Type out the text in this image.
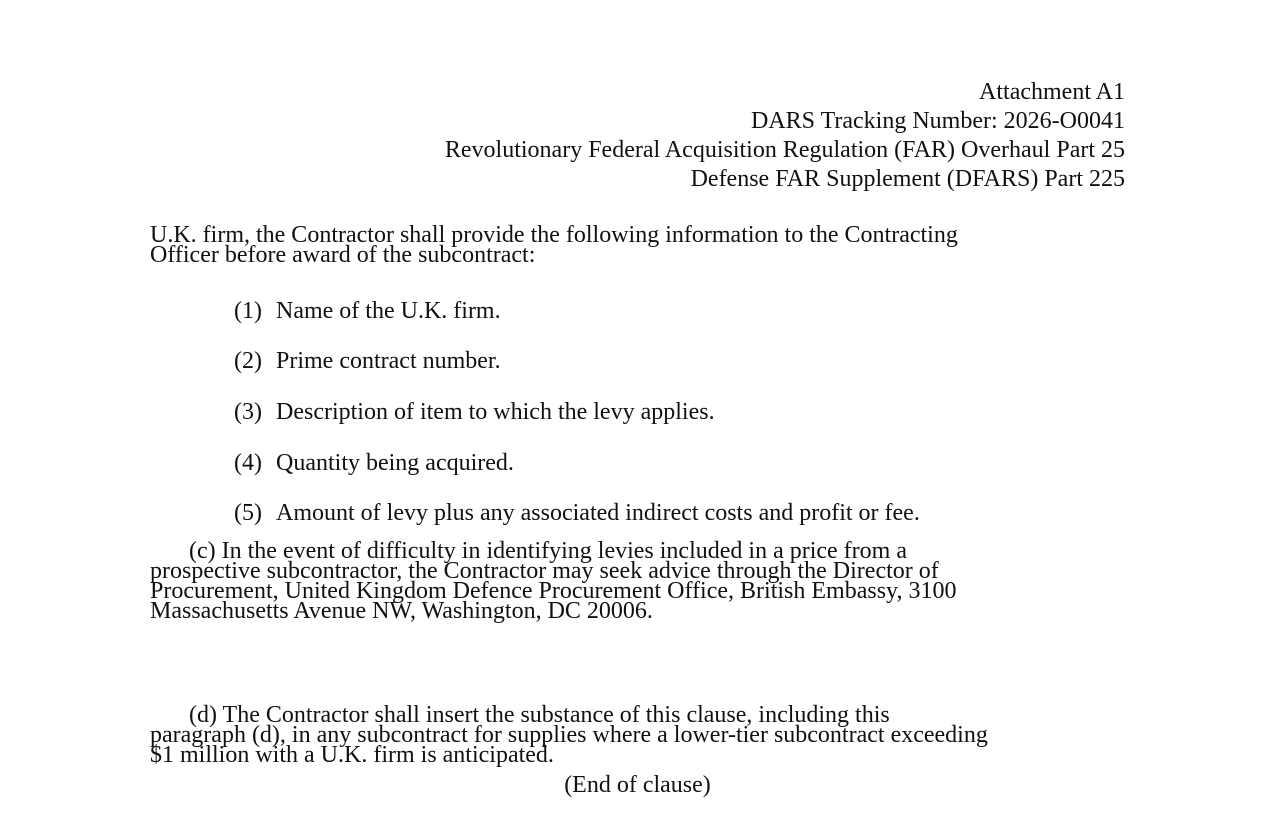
Attachment A1
DARS Tracking Number: 2026-O0041
Revolutionary Federal Acquisition Regulation (FAR) Overhaul Part 25
Defense FAR Supplement (DFARS) Part 225
U.K. firm, the Contractor shall provide the following information to the Contracting
Officer before award of the subcontract:
(1) Name of the U.K. firm.
(2) Prime contract number.
(3) Description of item to which the levy applies.
(4) Quantity being acquired.
(5) Amount of levy plus any associated indirect costs and profit or fee.
(c) In the event of difficulty in identifying levies included in a price from a
prospective subcontractor, the Contractor may seek advice through the Director of
Procurement, United Kingdom Defence Procurement Office, British Embassy, 3100
Massachusetts Avenue NW, Washington, DC 20006.
(d) The Contractor shall insert the substance of this clause, including this
paragraph (d), in any subcontract for supplies where a lower-tier subcontract exceeding
$1 million with a U.K. firm is anticipated.
(End of clause)
